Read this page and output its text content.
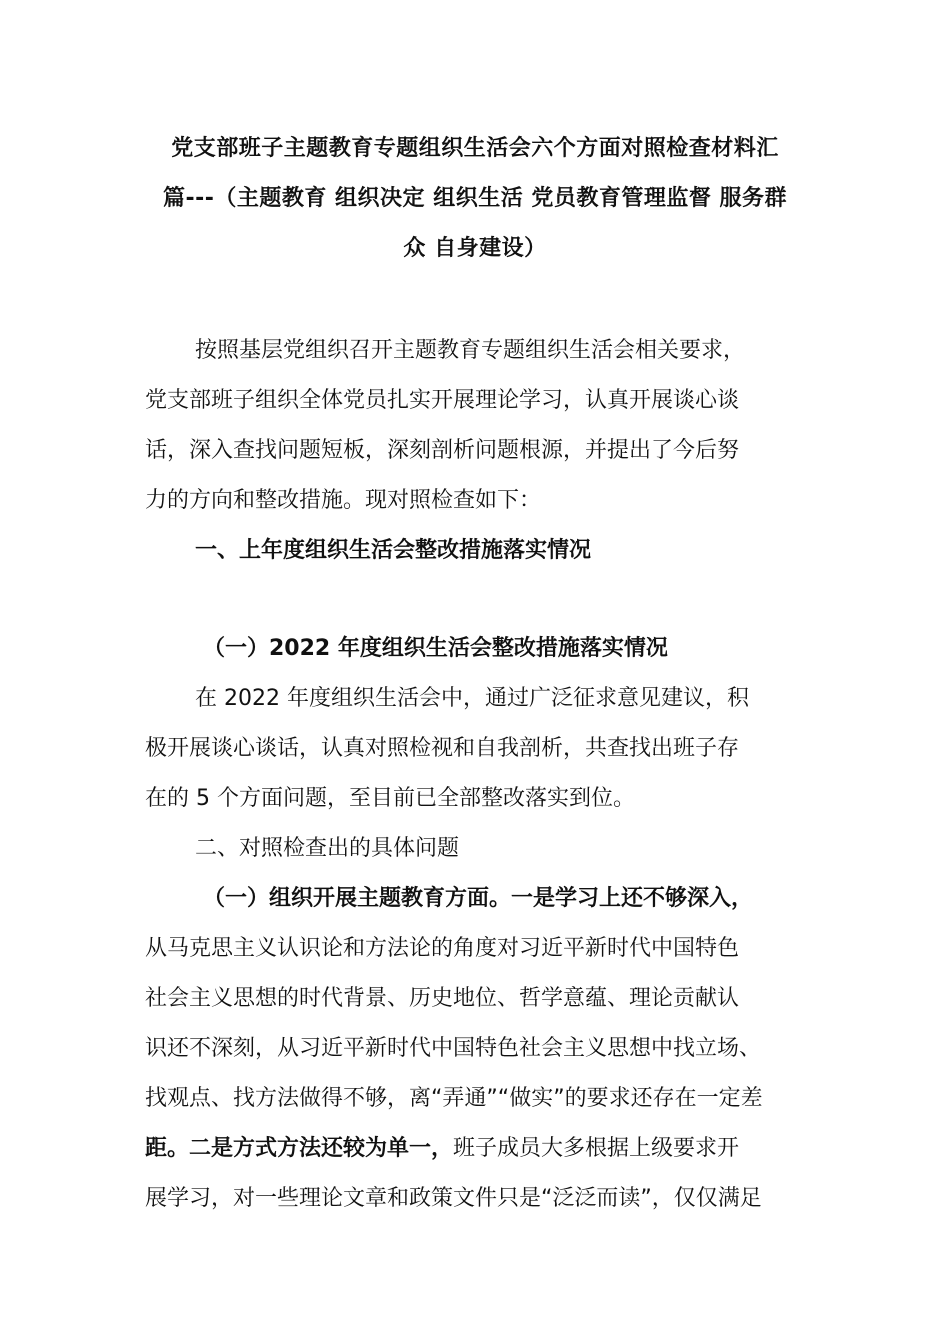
党支部班子主题教育专题组织生活会六个方面对照检查材料汇
篇---（主题教育 组织决定 组织生活 党员教育管理监督 服务群
众 自身建设）
按照基层党组织召开主题教育专题组织生活会相关要求，
党支部班子组织全体党员扎实开展理论学习，认真开展谈心谈
话，深入查找问题短板，深刻剖析问题根源，并提出了今后努
力的方向和整改措施。现对照检查如下：
一、上年度组织生活会整改措施落实情况
（一）2022 年度组织生活会整改措施落实情况
在 2022 年度组织生活会中，通过广泛征求意见建议，积
极开展谈心谈话，认真对照检视和自我剖析，共查找出班子存
在的 5 个方面问题，至目前已全部整改落实到位。
二、对照检查出的具体问题
（一）组织开展主题教育方面。一是学习上还不够深入，
从马克思主义认识论和方法论的角度对习近平新时代中国特色
社会主义思想的时代背景、历史地位、哲学意蕴、理论贡献认
识还不深刻，从习近平新时代中国特色社会主义思想中找立场、
找观点、找方法做得不够，离“弄通”“做实”的要求还存在一定差
距。二是方式方法还较为单一，班子成员大多根据上级要求开
展学习，对一些理论文章和政策文件只是“泛泛而读”，仅仅满足
